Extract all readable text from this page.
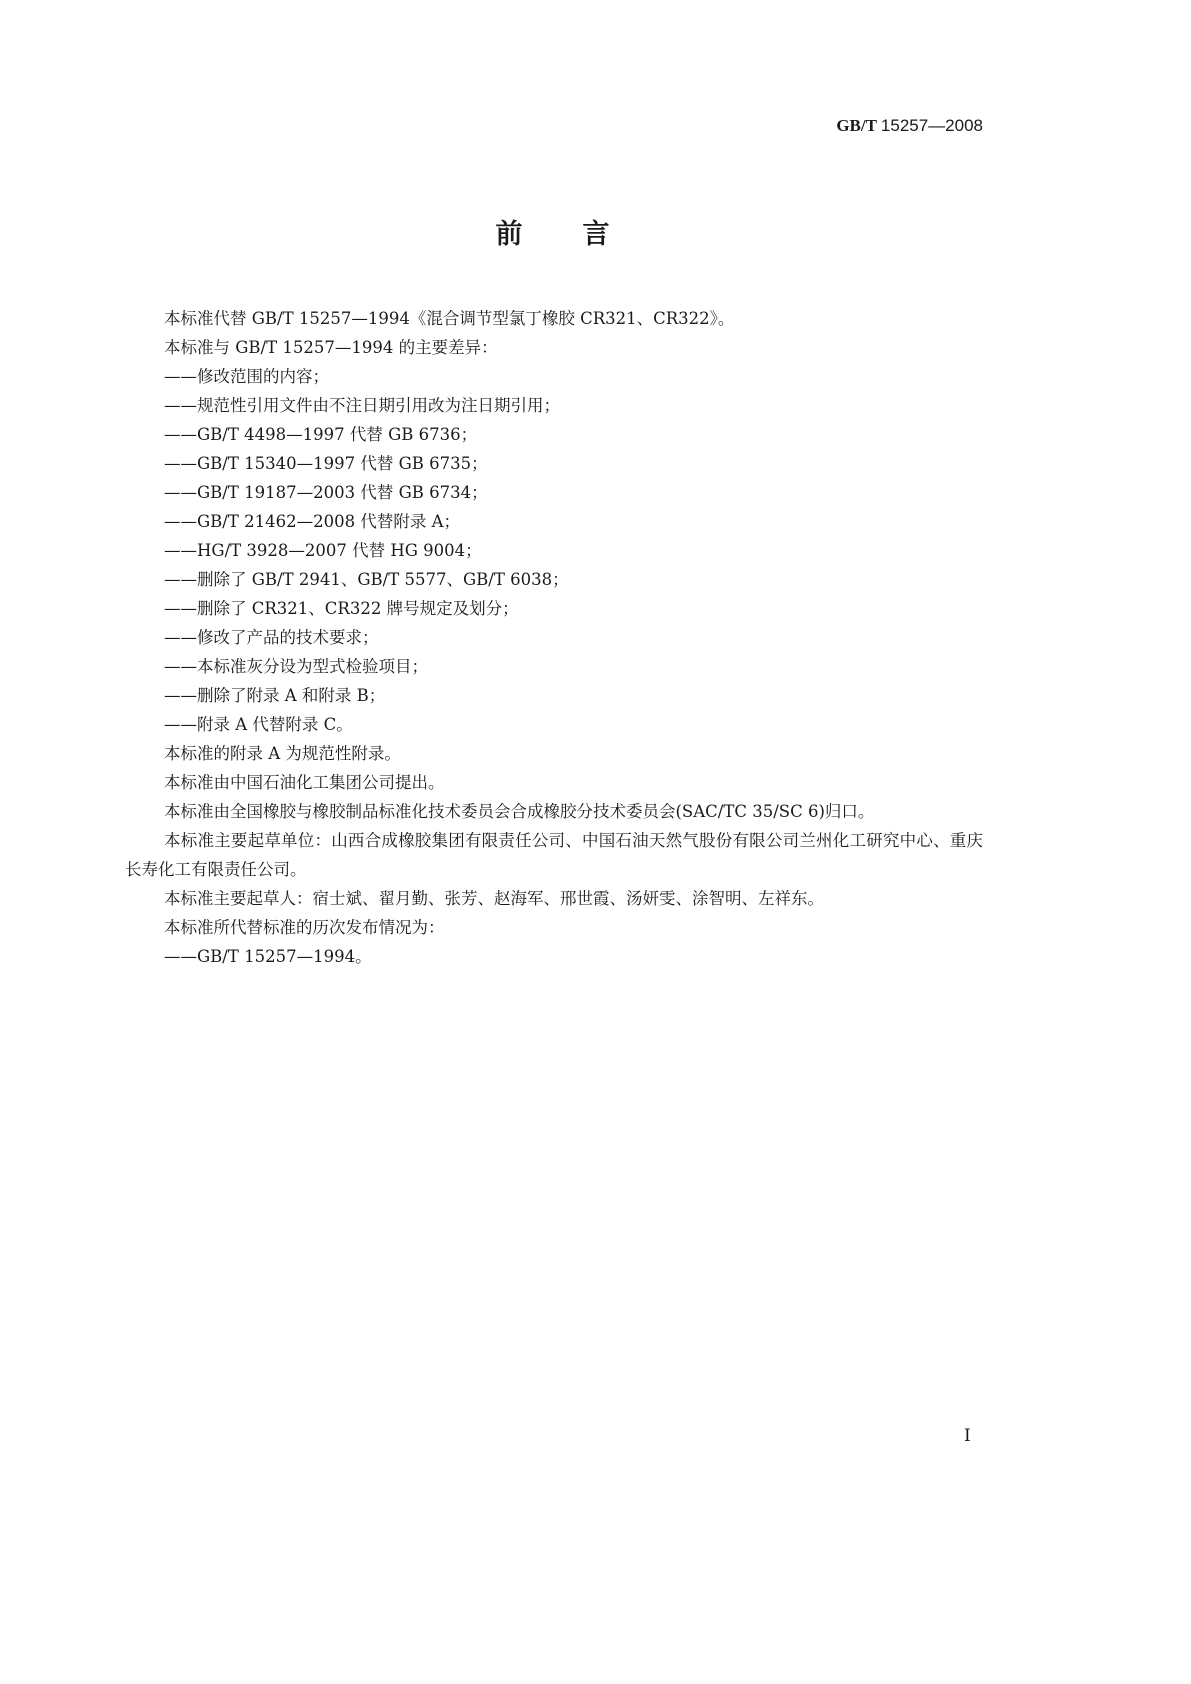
GB/T 15257—2008
前言

本标准代替 GB/T 15257—1994《混合调节型氯丁橡胶 CR321、CR322》。

本标准与 GB/T 15257—1994 的主要差异：

——修改范围的内容；

——规范性引用文件由不注日期引用改为注日期引用；

——GB/T 4498—1997 代替 GB 6736；

——GB/T 15340—1997 代替 GB 6735；

——GB/T 19187—2003 代替 GB 6734；

——GB/T 21462—2008 代替附录 A；

——HG/T 3928—2007 代替 HG 9004；

——删除了 GB/T 2941、GB/T 5577、GB/T 6038；

——删除了 CR321、CR322 牌号规定及划分；

——修改了产品的技术要求；

——本标准灰分设为型式检验项目；

——删除了附录 A 和附录 B；

——附录 A 代替附录 C。

本标准的附录 A 为规范性附录。

本标准由中国石油化工集团公司提出。

本标准由全国橡胶与橡胶制品标准化技术委员会合成橡胶分技术委员会(SAC/TC 35/SC 6)归口。

本标准主要起草单位：山西合成橡胶集团有限责任公司、中国石油天然气股份有限公司兰州化工研究中心、重庆长寿化工有限责任公司。

本标准主要起草人：宿士斌、翟月勤、张芳、赵海军、邢世霞、汤妍雯、涂智明、左祥东。

本标准所代替标准的历次发布情况为：

——GB/T 15257—1994。

I
